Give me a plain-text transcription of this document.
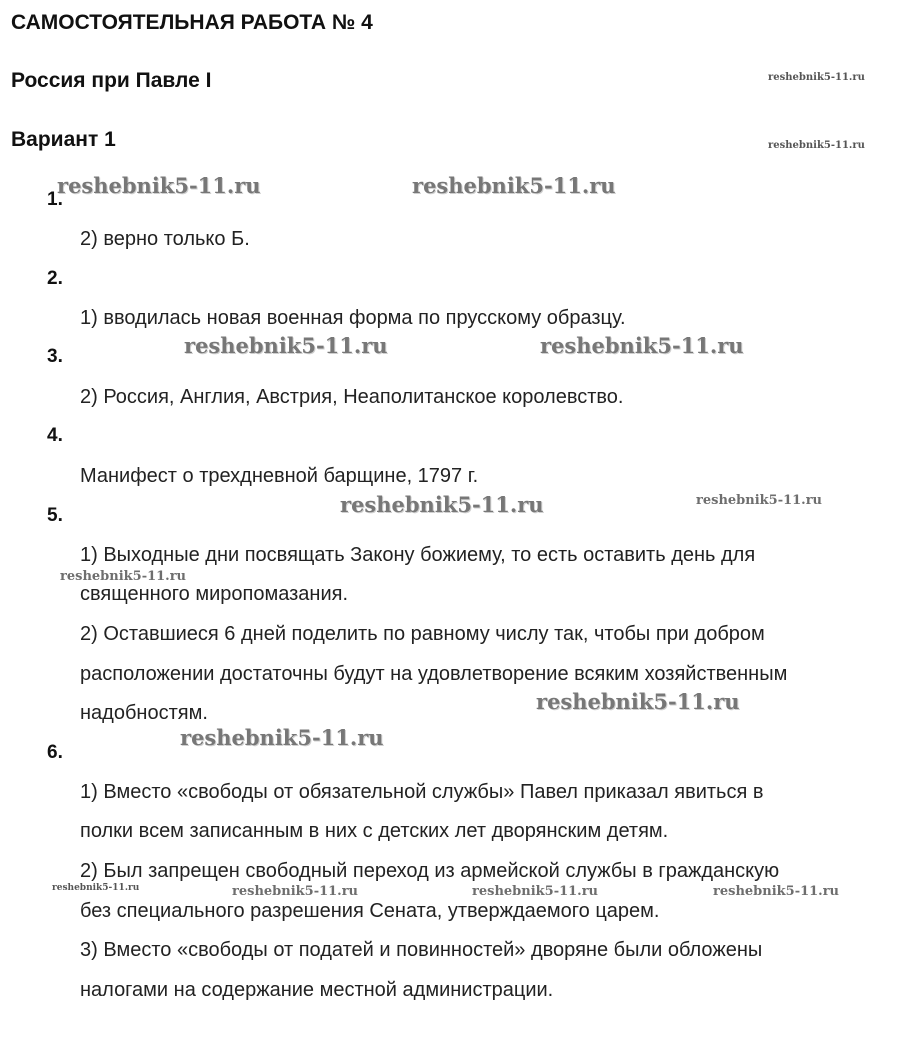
САМОСТОЯТЕЛЬНАЯ РАБОТА № 4
Россия при Павле I
Вариант 1
1.
2) верно только Б.
2.
1) вводилась новая военная форма по прусскому образцу.
3.
2) Россия, Англия, Австрия, Неаполитанское королевство.
4.
Манифест о трехдневной барщине, 1797 г.
5.
1) Выходные дни посвящать Закону божиему, то есть оставить день для
священного миропомазания.
2) Оставшиеся 6 дней поделить по равному числу так, чтобы при добром
расположении достаточны будут на удовлетворение всяким хозяйственным
надобностям.
6.
1) Вместо «свободы от обязательной службы» Павел приказал явиться в
полки всем записанным в них с детских лет дворянским детям.
2) Был запрещен свободный переход из армейской службы в гражданскую
без специального разрешения Сената, утверждаемого царем.
3) Вместо «свободы от податей и повинностей» дворяне были обложены
налогами на содержание местной администрации.
reshebnik5-11.ru
reshebnik5-11.ru
reshebnik5-11.ru	reshebnik5-11.ru
reshebnik5-11.ru	reshebnik5-11.ru
reshebnik5-11.ru	reshebnik5-11.ru
reshebnik5-11.ru
reshebnik5-11.ru
reshebnik5-11.ru
reshebnik5-11.ru	reshebnik5-11.ru	reshebnik5-11.ru	reshebnik5-11.ru
